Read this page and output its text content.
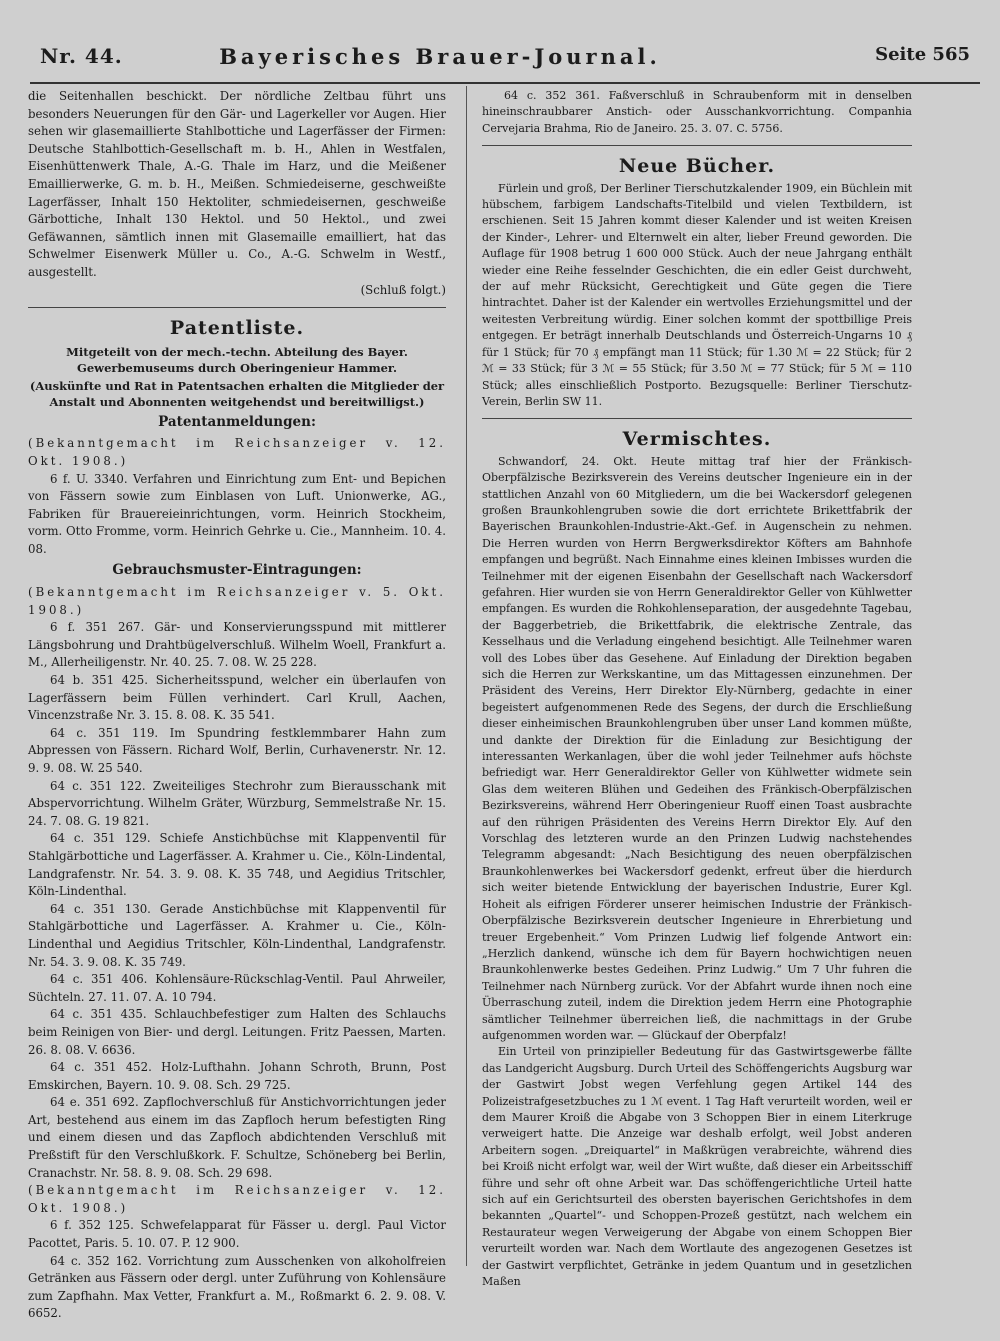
Nr. 44.	Bayerisches Brauer-Journal.	Seite 565

die Seitenhallen beschickt. Der nördliche Zeltbau führt uns besonders Neuerungen für den Gär- und Lagerkeller vor Augen. Hier sehen wir glasemaillierte Stahlbottiche und Lagerfässer der Firmen: Deutsche Stahlbottich-Gesellschaft m. b. H., Ahlen in Westfalen, Eisenhüttenwerk Thale, A.-G. Thale im Harz, und die Meißener Emaillierwerke, G. m. b. H., Meißen. Schmiedeiserne, geschweißte Lagerfässer, Inhalt 150 Hektoliter, schmiedeisernen, geschweiße Gärbottiche, Inhalt 130 Hektol. und 50 Hektol., und zwei Gefäwannen, sämtlich innen mit Glasemaille emailliert, hat das Schwelmer Eisenwerk Müller u. Co., A.-G. Schwelm in Westf., ausgestellt.

(Schluß folgt.)
Patentliste.
Mitgeteilt von der mech.-techn. Abteilung des Bayer. Gewerbemuseums durch Oberingenieur Hammer.
(Auskünfte und Rat in Patentsachen erhalten die Mitglieder der Anstalt und Abonnenten weitgehendst und bereitwilligst.)
Patentanmeldungen:
(Bekanntgemacht im Reichsanzeiger v. 12. Okt. 1908.)

6 f. U. 3340. Verfahren und Einrichtung zum Ent- und Bepichen von Fässern sowie zum Einblasen von Luft. Unionwerke, AG., Fabriken für Brauereieinrichtungen, vorm. Heinrich Stockheim, vorm. Otto Fromme, vorm. Heinrich Gehrke u. Cie., Mannheim. 10. 4. 08.

Gebrauchsmuster-Eintragungen:
(Bekanntgemacht im Reichsanzeiger v. 5. Okt. 1908.)

6 f. 351 267. Gär- und Konservierungsspund mit mittlerer Längsbohrung und Drahtbügelverschluß. Wilhelm Woell, Frankfurt a. M., Allerheiligenstr. Nr. 40. 25. 7. 08. W. 25 228.

64 b. 351 425. Sicherheitsspund, welcher ein überlaufen von Lagerfässern beim Füllen verhindert. Carl Krull, Aachen, Vincenzstraße Nr. 3. 15. 8. 08. K. 35 541.

64 c. 351 119. Im Spundring festklemmbarer Hahn zum Abpressen von Fässern. Richard Wolf, Berlin, Curhavenerstr. Nr. 12. 9. 9. 08. W. 25 540.

64 c. 351 122. Zweiteiliges Stechrohr zum Bierausschank mit Abspervorrichtung. Wilhelm Gräter, Würzburg, Semmelstraße Nr. 15. 24. 7. 08. G. 19 821.

64 c. 351 129. Schiefe Anstichbüchse mit Klappenventil für Stahlgärbottiche und Lagerfässer. A. Krahmer u. Cie., Köln-Lindental, Landgrafenstr. Nr. 54. 3. 9. 08. K. 35 748, und Aegidius Tritschler, Köln-Lindenthal.

64 c. 351 130. Gerade Anstichbüchse mit Klappenventil für Stahlgärbottiche und Lagerfässer. A. Krahmer u. Cie., Köln-Lindenthal und Aegidius Tritschler, Köln-Lindenthal, Landgrafenstr. Nr. 54. 3. 9. 08. K. 35 749.

64 c. 351 406. Kohlensäure-Rückschlag-Ventil. Paul Ahrweiler, Süchteln. 27. 11. 07. A. 10 794.

64 c. 351 435. Schlauchbefestiger zum Halten des Schlauchs beim Reinigen von Bier- und dergl. Leitungen. Fritz Paessen, Marten. 26. 8. 08. V. 6636.

64 c. 351 452. Holz-Lufthahn. Johann Schroth, Brunn, Post Emskirchen, Bayern. 10. 9. 08. Sch. 29 725.

64 e. 351 692. Zapflochverschluß für Anstichvorrichtungen jeder Art, bestehend aus einem im das Zapfloch herum befestigten Ring und einem diesen und das Zapfloch abdichtenden Verschluß mit Preßstift für den Verschlußkork. F. Schultze, Schöneberg bei Berlin, Cranachstr. Nr. 58. 8. 9. 08. Sch. 29 698.

(Bekanntgemacht im Reichsanzeiger v. 12. Okt. 1908.)

6 f. 352 125. Schwefelapparat für Fässer u. dergl. Paul Victor Pacottet, Paris. 5. 10. 07. P. 12 900.

64 c. 352 162. Vorrichtung zum Ausschenken von alkoholfreien Getränken aus Fässern oder dergl. unter Zuführung von Kohlensäure zum Zapfhahn. Max Vetter, Frankfurt a. M., Roßmarkt 6. 2. 9. 08. V. 6652.

64 c. 352 361. Faßverschluß in Schraubenform mit in denselben hineinschraubbarer Anstich- oder Ausschankvorrichtung. Companhia Cervejaria Brahma, Rio de Janeiro. 25. 3. 07. C. 5756.

Neue Bücher.

Fürlein und groß, Der Berliner Tierschutzkalender 1909, ein Büchlein mit hübschem, farbigem Landschafts-Titelbild und vielen Textbildern, ist erschienen. Seit 15 Jahren kommt dieser Kalender und ist weiten Kreisen der Kinder-, Lehrer- und Elternwelt ein alter, lieber Freund geworden. Die Auflage für 1908 betrug 1 600 000 Stück. Auch der neue Jahrgang enthält wieder eine Reihe fesselnder Geschichten, die ein edler Geist durchweht, der auf mehr Rücksicht, Gerechtigkeit und Güte gegen die Tiere hintrachtet. Daher ist der Kalender ein wertvolles Erziehungsmittel und der weitesten Verbreitung würdig. Einer solchen kommt der spottbillige Preis entgegen. Er beträgt innerhalb Deutschlands und Österreich-Ungarns 10 ₰ für 1 Stück; für 70 ₰ empfängt man 11 Stück; für 1.30 ℳ = 22 Stück; für 2 ℳ = 33 Stück; für 3 ℳ = 55 Stück; für 3.50 ℳ = 77 Stück; für 5 ℳ = 110 Stück; alles einschließlich Postporto. Bezugsquelle: Berliner Tierschutz-Verein, Berlin SW 11.

Vermischtes.

Schwandorf, 24. Okt. Heute mittag traf hier der Fränkisch-Oberpfälzische Bezirksverein des Vereins deutscher Ingenieure ein in der stattlichen Anzahl von 60 Mitgliedern, um die bei Wackersdorf gelegenen großen Braunkohlengruben sowie die dort errichtete Brikettfabrik der Bayerischen Braunkohlen-Industrie-Akt.-Gef. in Augenschein zu nehmen. Die Herren wurden von Herrn Bergwerksdirektor Köfters am Bahnhofe empfangen und begrüßt. Nach Einnahme eines kleinen Imbisses wurden die Teilnehmer mit der eigenen Eisenbahn der Gesellschaft nach Wackersdorf gefahren. Hier wurden sie von Herrn Generaldirektor Geller von Kühlwetter empfangen. Es wurden die Rohkohlenseparation, der ausgedehnte Tagebau, der Baggerbetrieb, die Brikettfabrik, die elektrische Zentrale, das Kesselhaus und die Verladung eingehend besichtigt. Alle Teilnehmer waren voll des Lobes über das Gesehene. Auf Einladung der Direktion begaben sich die Herren zur Werkskantine, um das Mittagessen einzunehmen. Der Präsident des Vereins, Herr Direktor Ely-Nürnberg, gedachte in einer begeistert aufgenommenen Rede des Segens, der durch die Erschließung dieser einheimischen Braunkohlengruben über unser Land kommen müßte, und dankte der Direktion für die Einladung zur Besichtigung der interessanten Werkanlagen, über die wohl jeder Teilnehmer aufs höchste befriedigt war. Herr Generaldirektor Geller von Kühlwetter widmete sein Glas dem weiteren Blühen und Gedeihen des Fränkisch-Oberpfälzischen Bezirksvereins, während Herr Oberingenieur Ruoff einen Toast ausbrachte auf den rührigen Präsidenten des Vereins Herrn Direktor Ely. Auf den Vorschlag des letzteren wurde an den Prinzen Ludwig nachstehendes Telegramm abgesandt: „Nach Besichtigung des neuen oberpfälzischen Braunkohlenwerkes bei Wackersdorf gedenkt, erfreut über die hierdurch sich weiter bietende Entwicklung der bayerischen Industrie, Eurer Kgl. Hoheit als eifrigen Förderer unserer heimischen Industrie der Fränkisch-Oberpfälzische Bezirksverein deutscher Ingenieure in Ehrerbietung und treuer Ergebenheit.“ Vom Prinzen Ludwig lief folgende Antwort ein: „Herzlich dankend, wünsche ich dem für Bayern hochwichtigen neuen Braunkohlenwerke bestes Gedeihen. Prinz Ludwig.“ Um 7 Uhr fuhren die Teilnehmer nach Nürnberg zurück. Vor der Abfahrt wurde ihnen noch eine Überraschung zuteil, indem die Direktion jedem Herrn eine Photographie sämtlicher Teilnehmer überreichen ließ, die nachmittags in der Grube aufgenommen worden war. — Glückauf der Oberpfalz!

Ein Urteil von prinzipieller Bedeutung für das Gastwirtsgewerbe fällte das Landgericht Augsburg. Durch Urteil des Schöffengerichts Augsburg war der Gastwirt Jobst wegen Verfehlung gegen Artikel 144 des Polizeistrafgesetzbuches zu 1 ℳ event. 1 Tag Haft verurteilt worden, weil er dem Maurer Kroiß die Abgabe von 3 Schoppen Bier in einem Literkruge verweigert hatte. Die Anzeige war deshalb erfolgt, weil Jobst anderen Arbeitern sogen. „Dreiquartel“ in Maßkrügen verabreichte, während dies bei Kroiß nicht erfolgt war, weil der Wirt wußte, daß dieser ein Arbeitsschiff führe und sehr oft ohne Arbeit war. Das schöffengerichtliche Urteil hatte sich auf ein Gerichtsurteil des obersten bayerischen Gerichtshofes in dem bekannten „Quartel“- und Schoppen-Prozeß gestützt, nach welchem ein Restaurateur wegen Verweigerung der Abgabe von einem Schoppen Bier verurteilt worden war. Nach dem Wortlaute des angezogenen Gesetzes ist der Gastwirt verpflichtet, Getränke in jedem Quantum und in gesetzlichen Maßen
